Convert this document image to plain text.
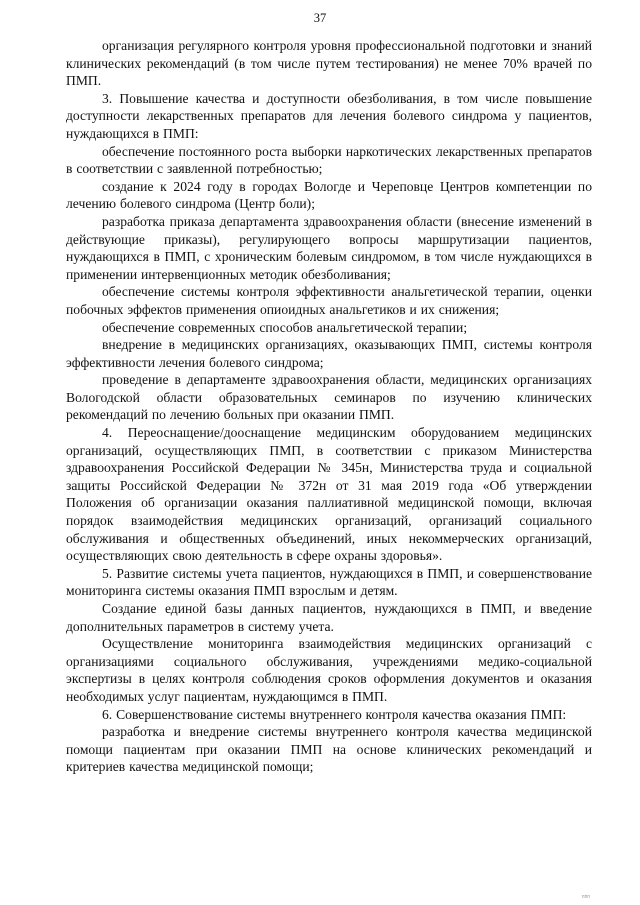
37

организация регулярного контроля уровня профессиональной подготовки и знаний клинических рекомендаций (в том числе путем тестирования) не менее 70% врачей по ПМП.

3. Повышение качества и доступности обезболивания, в том числе повышение доступности лекарственных препаратов для лечения болевого синдрома у пациентов, нуждающихся в ПМП:

обеспечение постоянного роста выборки наркотических лекарственных препаратов в соответствии с заявленной потребностью;

создание к 2024 году в городах Вологде и Череповце Центров компетенции по лечению болевого синдрома (Центр боли);

разработка приказа департамента здравоохранения области (внесение изменений в действующие приказы), регулирующего вопросы маршрутизации пациентов, нуждающихся в ПМП, с хроническим болевым синдромом, в том числе нуждающихся в применении интервенционных методик обезболивания;

обеспечение системы контроля эффективности анальгетической терапии, оценки побочных эффектов применения опиоидных анальгетиков и их снижения;

обеспечение современных способов анальгетической терапии;

внедрение в медицинских организациях, оказывающих ПМП, системы контроля эффективности лечения болевого синдрома;

проведение в департаменте здравоохранения области, медицинских организациях Вологодской области образовательных семинаров по изучению клинических рекомендаций по лечению больных при оказании ПМП.

4. Переоснащение/дооснащение медицинским оборудованием медицинских организаций, осуществляющих ПМП, в соответствии с приказом Министерства здравоохранения Российской Федерации № 345н, Министерства труда и социальной защиты Российской Федерации № 372н от 31 мая 2019 года «Об утверждении Положения об организации оказания паллиативной медицинской помощи, включая порядок взаимодействия медицинских организаций, организаций социального обслуживания и общественных объединений, иных некоммерческих организаций, осуществляющих свою деятельность в сфере охраны здоровья».

5. Развитие системы учета пациентов, нуждающихся в ПМП, и совершенствование мониторинга системы оказания ПМП взрослым и детям.

Создание единой базы данных пациентов, нуждающихся в ПМП, и введение дополнительных параметров в систему учета.

Осуществление мониторинга взаимодействия медицинских организаций с организациями социального обслуживания, учреждениями медико-социальной экспертизы в целях контроля соблюдения сроков оформления документов и оказания необходимых услуг пациентам, нуждающимся в ПМП.

6. Совершенствование системы внутреннего контроля качества оказания ПМП:

разработка и внедрение системы внутреннего контроля качества медицинской помощи пациентам при оказании ПМП на основе клинических рекомендаций и критериев качества медицинской помощи;

ппп
